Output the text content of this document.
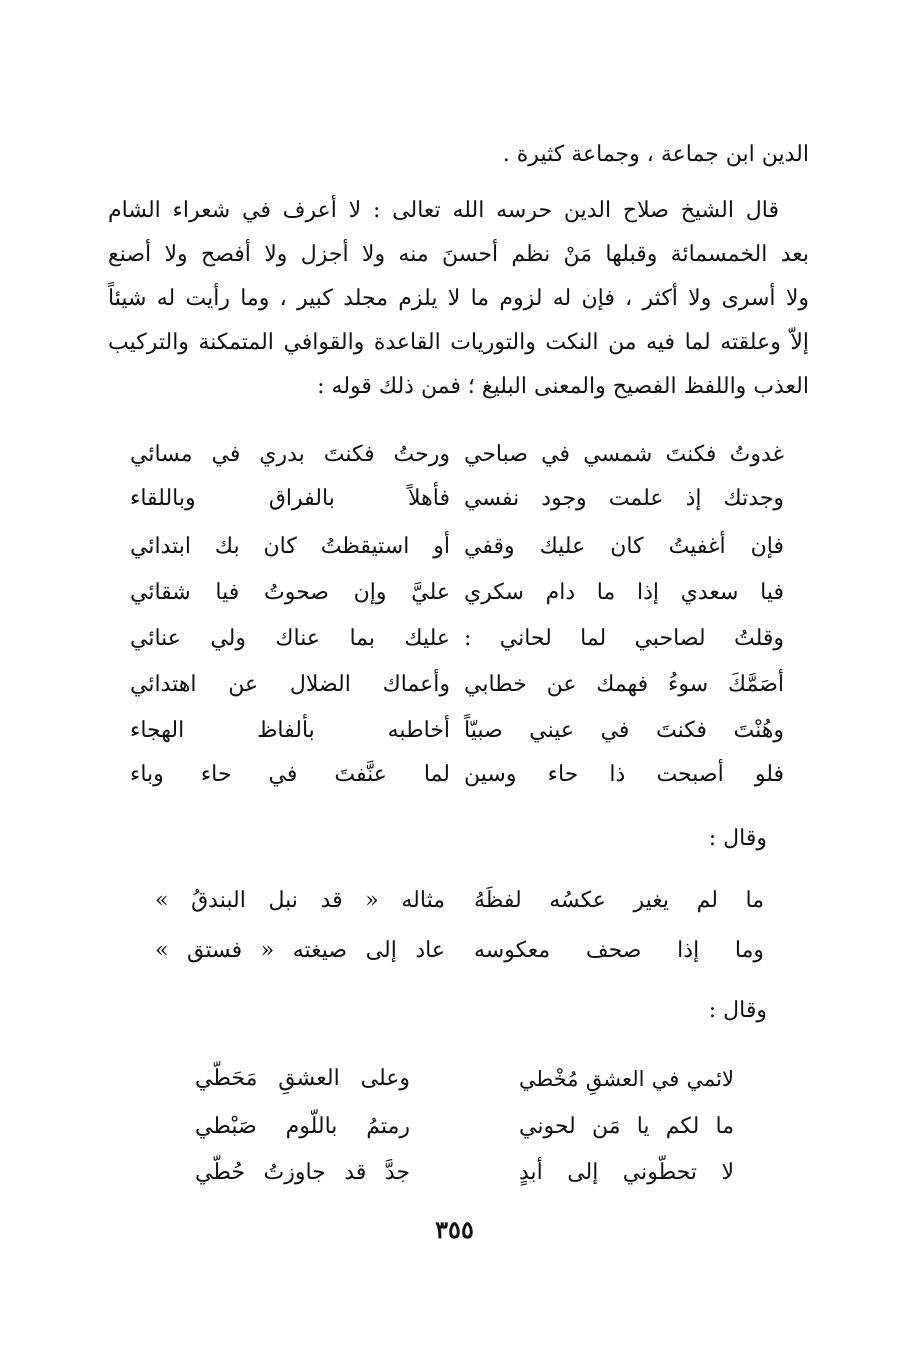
الدين ابن جماعة ، وجماعة كثيرة .
قال الشيخ صلاح الدين حرسه الله تعالى : لا أعرف في شعراء الشام
بعد الخمسمائة وقبلها مَنْ نظم أحسنَ منه ولا أجزل ولا أفصح ولا أصنع
ولا أسرى ولا أكثر ، فإن له لزوم ما لا يلزم مجلد كبير ، وما رأيت له شيئاً
إلاّ وعلقته لما فيه من النكت والتوريات القاعدة والقوافي المتمكنة والتركيب
العذب واللفظ الفصيح والمعنى البليغ ؛ فمن ذلك قوله :
غدوتُ فكنتَ شمسي في صباحي
ورحتُ فكنتَ بدري في مسائي
وجدتك إذ علمت وجود نفسي
فأهلاً بالفراق وباللقاء
فإن أغفيتُ كان عليك وقفي
أو استيقظتُ كان بك ابتدائي
فيا سعدي إذا ما دام سكري
عليَّ وإن صحوتُ فيا شقائي
وقلتُ لصاحبي لما لحاني :
عليك بما عناك ولي عنائي
أصَمَّكَ سوءُ فهمك عن خطابي
وأعماك الضلال عن اهتدائي
وهُنْتَ فكنتَ في عيني صبيّاً
أخاطبه بألفاظ الهجاء
فلو أصبحت ذا حاء وسين
لما عنَّفتَ في حاء وباء
وقال :
ما لم يغير عكسُه لفظَهُ
مثاله « قد نبل البندقُ »
وما إذا صحف معكوسه
عاد إلى صيغته « فستق »
وقال :
لائمي في العشقِ مُخْطي
وعلى العشقِ مَحَطّي
ما لكم يا مَن لحوني
رمتمُ باللّوم صَبْطي
لا تحطّوني إلى أبدٍ
جدَّ قد جاوزتُ حُطّي
٣٥٥
